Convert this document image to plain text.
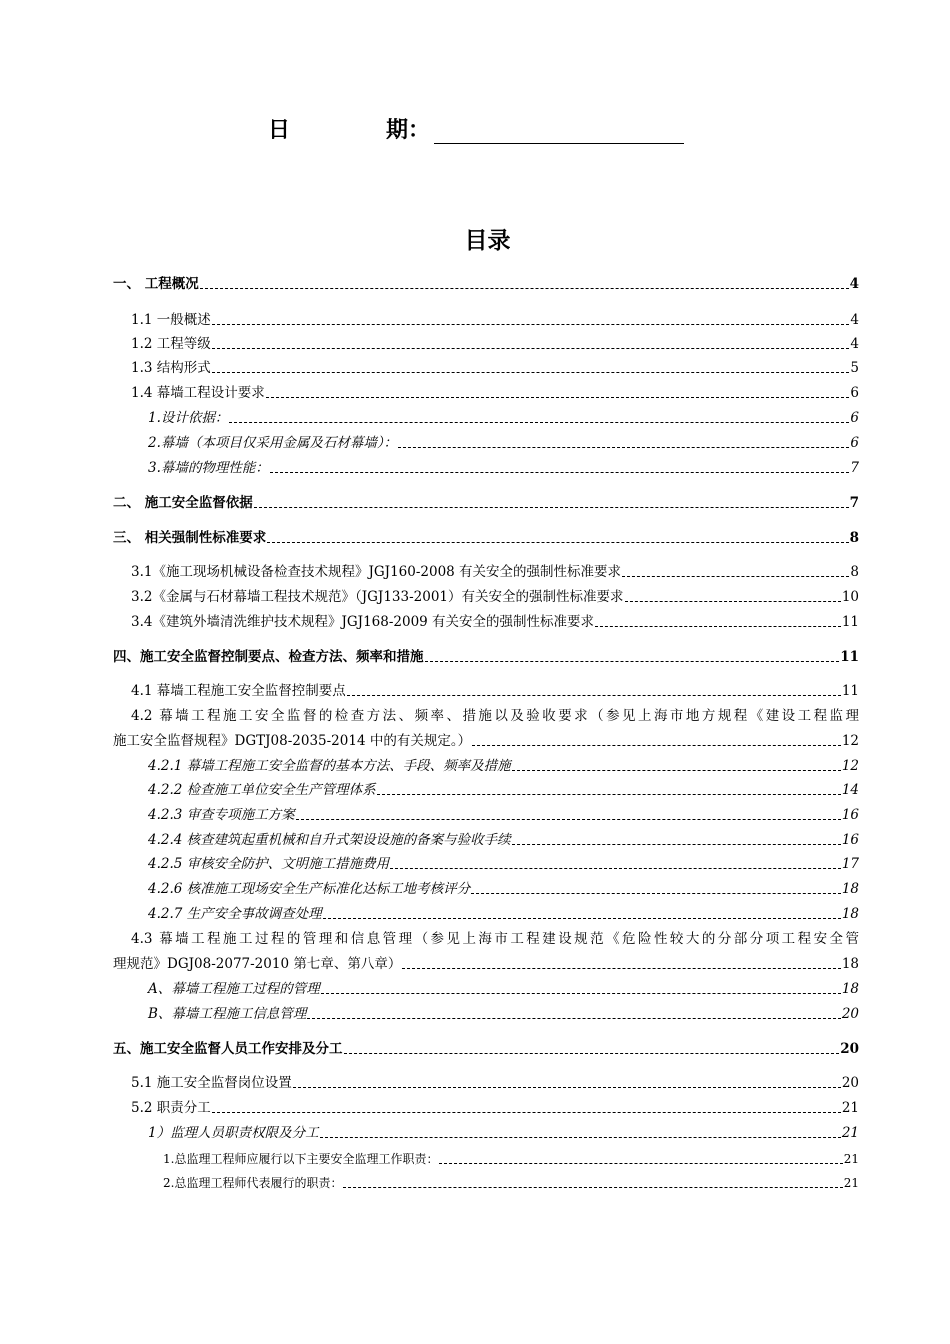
日	期：
目录
一、 工程概况	4
1.1 一般概述	4
1.2 工程等级	4
1.3 结构形式	5
1.4 幕墙工程设计要求	6
1.设计依据：	6
2.幕墙（本项目仅采用金属及石材幕墙）：	6
3.幕墙的物理性能：	7
二、 施工安全监督依据	7
三、 相关强制性标准要求	8
3.1《施工现场机械设备检查技术规程》JGJ160-2008 有关安全的强制性标准要求	8
3.2《金属与石材幕墙工程技术规范》（JGJ133-2001）有关安全的强制性标准要求	10
3.4《建筑外墙清洗维护技术规程》JGJ168-2009 有关安全的强制性标准要求	11
四、施工安全监督控制要点、检查方法、频率和措施	11
4.1 幕墙工程施工安全监督控制要点	11
4.2 幕墙工程施工安全监督的检查方法、频率、措施以及验收要求（参见上海市地方规程《建设工程监理
施工安全监督规程》DGTJ08-2035-2014 中的有关规定。）	12
4.2.1 幕墙工程施工安全监督的基本方法、手段、频率及措施	12
4.2.2 检查施工单位安全生产管理体系	14
4.2.3 审查专项施工方案	16
4.2.4 核查建筑起重机械和自升式架设设施的备案与验收手续	16
4.2.5 审核安全防护、文明施工措施费用	17
4.2.6 核准施工现场安全生产标准化达标工地考核评分	18
4.2.7 生产安全事故调查处理	18
4.3 幕墙工程施工过程的管理和信息管理（参见上海市工程建设规范《危险性较大的分部分项工程安全管
理规范》DGJ08-2077-2010 第七章、第八章）	18
A、幕墙工程施工过程的管理	18
B、幕墙工程施工信息管理	20
五、施工安全监督人员工作安排及分工	20
5.1 施工安全监督岗位设置	20
5.2 职责分工	21
1）监理人员职责权限及分工	21
1.总监理工程师应履行以下主要安全监理工作职责：	21
2.总监理工程师代表履行的职责：	21
